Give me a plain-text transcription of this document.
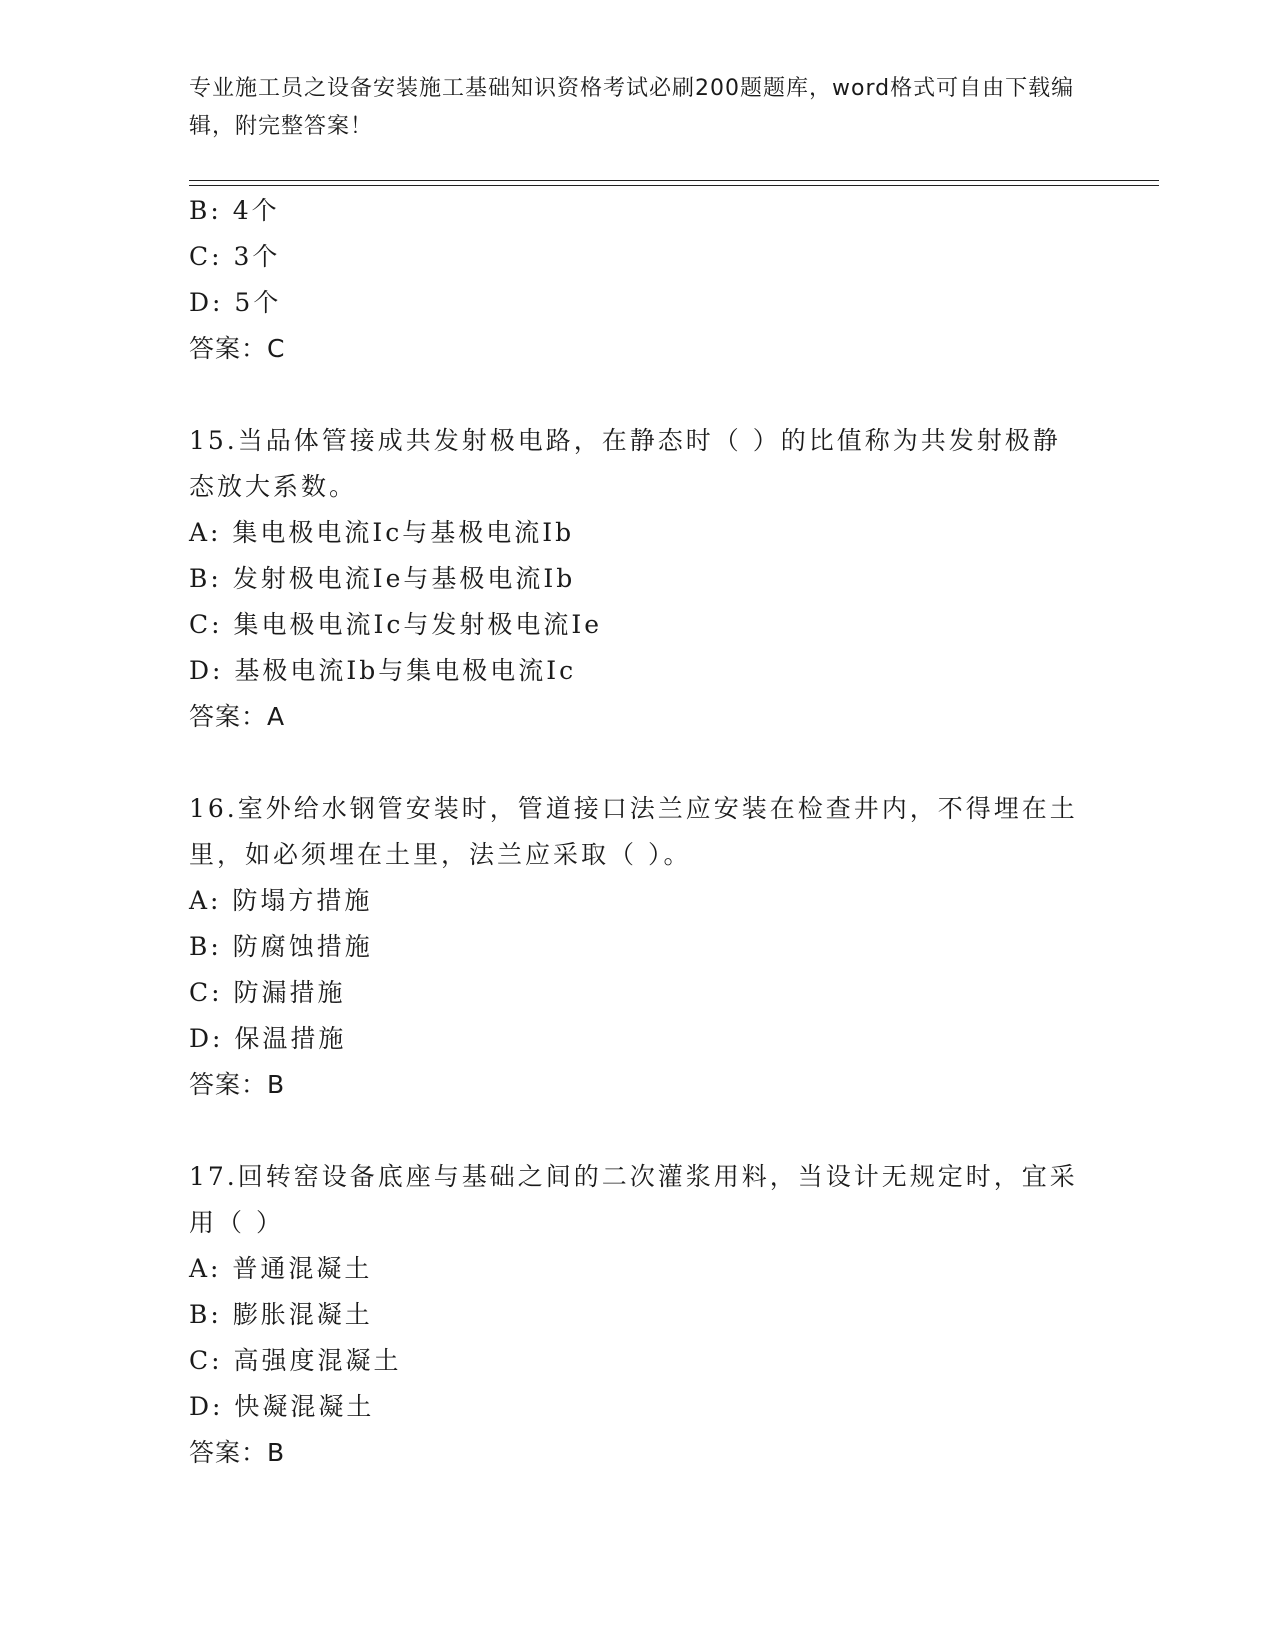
专业施工员之设备安装施工基础知识资格考试必刷200题题库，word格式可自由下载编辑，附完整答案！
B: 4个
C: 3个
D: 5个
答案：C
15.当品体管接成共发射极电路，在静态时（ ）的比值称为共发射极静态放大系数。
A: 集电极电流Ic与基极电流Ib
B: 发射极电流Ie与基极电流Ib
C: 集电极电流Ic与发射极电流Ie
D: 基极电流Ib与集电极电流Ic
答案：A
16.室外给水钢管安装时，管道接口法兰应安装在检查井内，不得埋在土里，如必须埋在土里，法兰应采取（ ）。
A: 防塌方措施
B: 防腐蚀措施
C: 防漏措施
D: 保温措施
答案：B
17.回转窑设备底座与基础之间的二次灌浆用料，当设计无规定时，宜采用（ ）
A: 普通混凝土
B: 膨胀混凝土
C: 高强度混凝土
D: 快凝混凝土
答案：B
